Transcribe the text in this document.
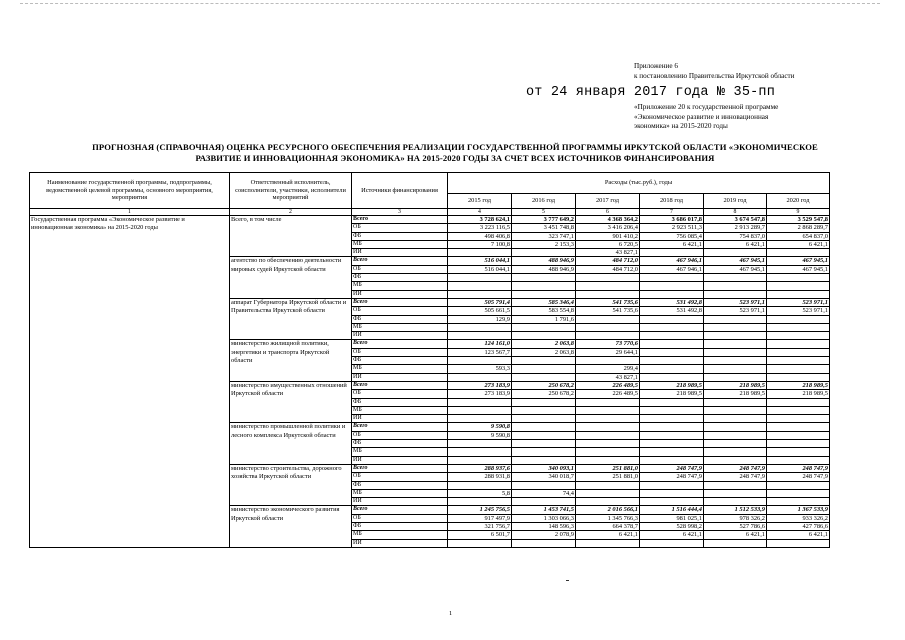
Приложение 6
к постановлению Правительства Иркутской области
от 24 января 2017 года № 35-пп
«Приложение 20 к государственной программе
«Экономическое развитие и инновационная
экономика» на 2015-2020 годы
ПРОГНОЗНАЯ (СПРАВОЧНАЯ) ОЦЕНКА РЕСУРСНОГО ОБЕСПЕЧЕНИЯ РЕАЛИЗАЦИИ ГОСУДАРСТВЕННОЙ ПРОГРАММЫ ИРКУТСКОЙ ОБЛАСТИ «ЭКОНОМИЧЕСКОЕ
РАЗВИТИЕ И ИННОВАЦИОННАЯ ЭКОНОМИКА» НА 2015-2020 ГОДЫ ЗА СЧЕТ ВСЕХ ИСТОЧНИКОВ ФИНАНСИРОВАНИЯ
Наименование государственной программы, подпрограммы, ведомственной целевой программы, основного мероприятия, мероприятия	Ответственный исполнитель, соисполнители, участники, исполнители мероприятий	Источники финансирования	Расходы (тыс.руб.), годы					
			2015 год	2016 год	2017 год	2018 год	2019 год	2020 год
1	2	3	4	5	6	7	8	9
Государственная программа «Экономическое развитие и инновационная экономика» на 2015-2020 годы	Всего, в том числе	Всего	3 728 624,1	3 777 649,2	4 368 364,2	3 686 017,8	3 674 547,8	3 529 547,8
		ОБ	3 223 116,5	3 451 748,8	3 416 206,4	2 923 511,3	2 913 289,7	2 868 289,7
		ФБ	498 406,8	323 747,1	901 410,2	756 085,4	754 837,0	654 837,0
		МБ	7 100,8	2 153,3	6 720,5	6 421,1	6 421,1	6 421,1
		ИИ			43 827,1			
	агентство по обеспечению деятельности мировых судей Иркутской области	Всего	516 044,1	488 946,9	484 712,0	467 946,1	467 945,1	467 945,1
		ОБ	516 044,1	488 946,9	484 712,0	467 946,1	467 945,1	467 945,1
		ФБ						
		МБ						
		ИИ						
	аппарат Губернатора Иркутской области и Правительства Иркутской области	Всего	505 791,4	585 346,4	541 735,6	531 492,8	523 971,1	523 971,1
		ОБ	505 661,5	583 554,8	541 735,6	531 492,8	523 971,1	523 971,1
		ФБ	129,9	1 791,6				
		МБ						
		ИИ						
	министерство жилищной политики, энергетики и транспорта Иркутской области	Всего	124 161,0	2 063,8	73 770,6			
		ОБ	123 567,7	2 063,8	29 644,1			
		ФБ						
		МБ	593,3		299,4			
		ИИ			43 827,1			
	министерство имущественных отношений Иркутской области	Всего	273 183,9	250 678,2	226 489,5	218 989,5	218 989,5	218 989,5
		ОБ	273 183,9	250 678,2	226 489,5	218 989,5	218 989,5	218 989,5
		ФБ						
		МБ						
		ИИ						
	министерство промышленной политики и лесного комплекса Иркутской области	Всего	9 590,8					
		ОБ	9 590,8					
		ФБ						
		МБ						
		ИИ						
	министерство строительства, дорожного хозяйства Иркутской области	Всего	288 937,6	340 093,1	251 881,0	248 747,9	248 747,9	248 747,9
		ОБ	288 931,8	340 018,7	251 881,0	248 747,9	248 747,9	248 747,9
		ФБ						
		МБ	5,8	74,4				
		ИИ						
	министерство экономического развития Иркутской области	Всего	1 245 756,5	1 453 741,5	2 016 566,1	1 516 444,4	1 512 533,9	1 367 533,9
		ОБ	917 497,9	1 303 066,3	1 345 766,3	981 025,1	978 326,2	933 326,2
		ФБ	321 756,7	148 596,3	664 378,7	528 998,2	527 786,6	427 786,6
		МБ	6 501,7	2 078,9	6 421,1	6 421,1	6 421,1	6 421,1
		ИИ						
1
